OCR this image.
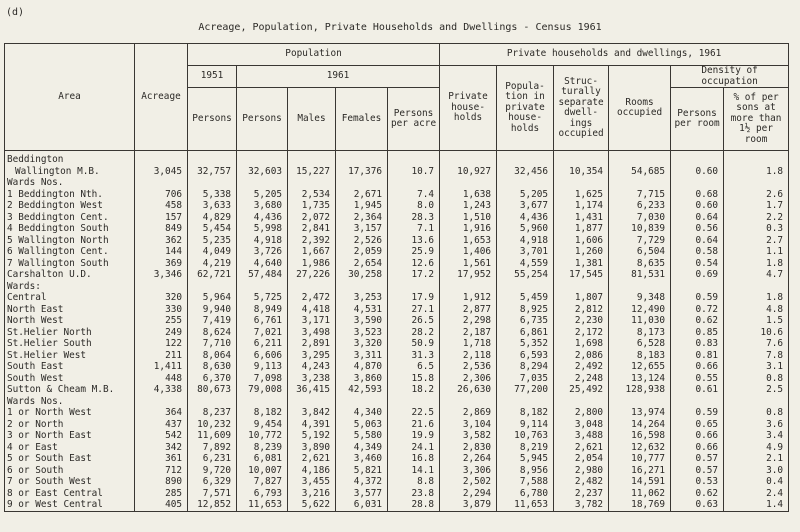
(d)
Acreage, Population, Private Households and Dwellings - Census 1961
Area	Acreage	Population					Private households and dwellings, 1961					
		1951	1961				Private house-holds	Popula-tion in private house-holds	Struc-turally separate dwell-ings occupied	Rooms occupied	Density of occupation	
		Persons	Persons	Males	Females	Persons per acre					Persons per room	% of per sons at more than 1½ per room
Beddington												
Wallington M.B.	3,045	32,757	32,603	15,227	17,376	10.7	10,927	32,456	10,354	54,685	0.60	1.8
Wards Nos.												
1 Beddington Nth.	706	5,338	5,205	2,534	2,671	7.4	1,638	5,205	1,625	7,715	0.68	2.6
2 Beddington West	458	3,633	3,680	1,735	1,945	8.0	1,243	3,677	1,174	6,233	0.60	1.7
3 Beddington Cent.	157	4,829	4,436	2,072	2,364	28.3	1,510	4,436	1,431	7,030	0.64	2.2
4 Beddington South	849	5,454	5,998	2,841	3,157	7.1	1,916	5,960	1,877	10,839	0.56	0.3
5 Wallington North	362	5,235	4,918	2,392	2,526	13.6	1,653	4,918	1,606	7,729	0.64	2.7
6 Wallington Cent.	144	4,049	3,726	1,667	2,059	25.9	1,406	3,701	1,260	6,504	0.58	1.1
7 Wallington South	369	4,219	4,640	1,986	2,654	12.6	1,561	4,559	1,381	8,635	0.54	1.8
Carshalton U.D.	3,346	62,721	57,484	27,226	30,258	17.2	17,952	55,254	17,545	81,531	0.69	4.7
Wards:												
Central	320	5,964	5,725	2,472	3,253	17.9	1,912	5,459	1,807	9,348	0.59	1.8
North East	330	9,940	8,949	4,418	4,531	27.1	2,877	8,925	2,812	12,490	0.72	4.8
North West	255	7,419	6,761	3,171	3,590	26.5	2,298	6,735	2,230	11,030	0.62	1.5
St.Helier North	249	8,624	7,021	3,498	3,523	28.2	2,187	6,861	2,172	8,173	0.85	10.6
St.Helier South	122	7,710	6,211	2,891	3,320	50.9	1,718	5,352	1,698	6,528	0.83	7.6
St.Helier West	211	8,064	6,606	3,295	3,311	31.3	2,118	6,593	2,086	8,183	0.81	7.8
South East	1,411	8,630	9,113	4,243	4,870	6.5	2,536	8,294	2,492	12,655	0.66	3.1
South West	448	6,370	7,098	3,238	3,860	15.8	2,306	7,035	2,248	13,124	0.55	0.8
Sutton & Cheam M.B.	4,338	80,673	79,008	36,415	42,593	18.2	26,630	77,200	25,492	128,938	0.61	2.5
Wards Nos.												
1 or North West	364	8,237	8,182	3,842	4,340	22.5	2,869	8,182	2,800	13,974	0.59	0.8
2 or North	437	10,232	9,454	4,391	5,063	21.6	3,104	9,114	3,048	14,264	0.65	3.6
3 or North East	542	11,609	10,772	5,192	5,580	19.9	3,582	10,763	3,488	16,598	0.66	3.4
4 or East	342	7,892	8,239	3,890	4,349	24.1	2,830	8,219	2,621	12,632	0.66	4.9
5 or South East	361	6,231	6,081	2,621	3,460	16.8	2,264	5,945	2,054	10,777	0.57	2.1
6 or South	712	9,720	10,007	4,186	5,821	14.1	3,306	8,956	2,980	16,271	0.57	3.0
7 or South West	890	6,329	7,827	3,455	4,372	8.8	2,502	7,588	2,482	14,591	0.53	0.4
8 or East Central	285	7,571	6,793	3,216	3,577	23.8	2,294	6,780	2,237	11,062	0.62	2.4
9 or West Central	405	12,852	11,653	5,622	6,031	28.8	3,879	11,653	3,782	18,769	0.63	1.4
